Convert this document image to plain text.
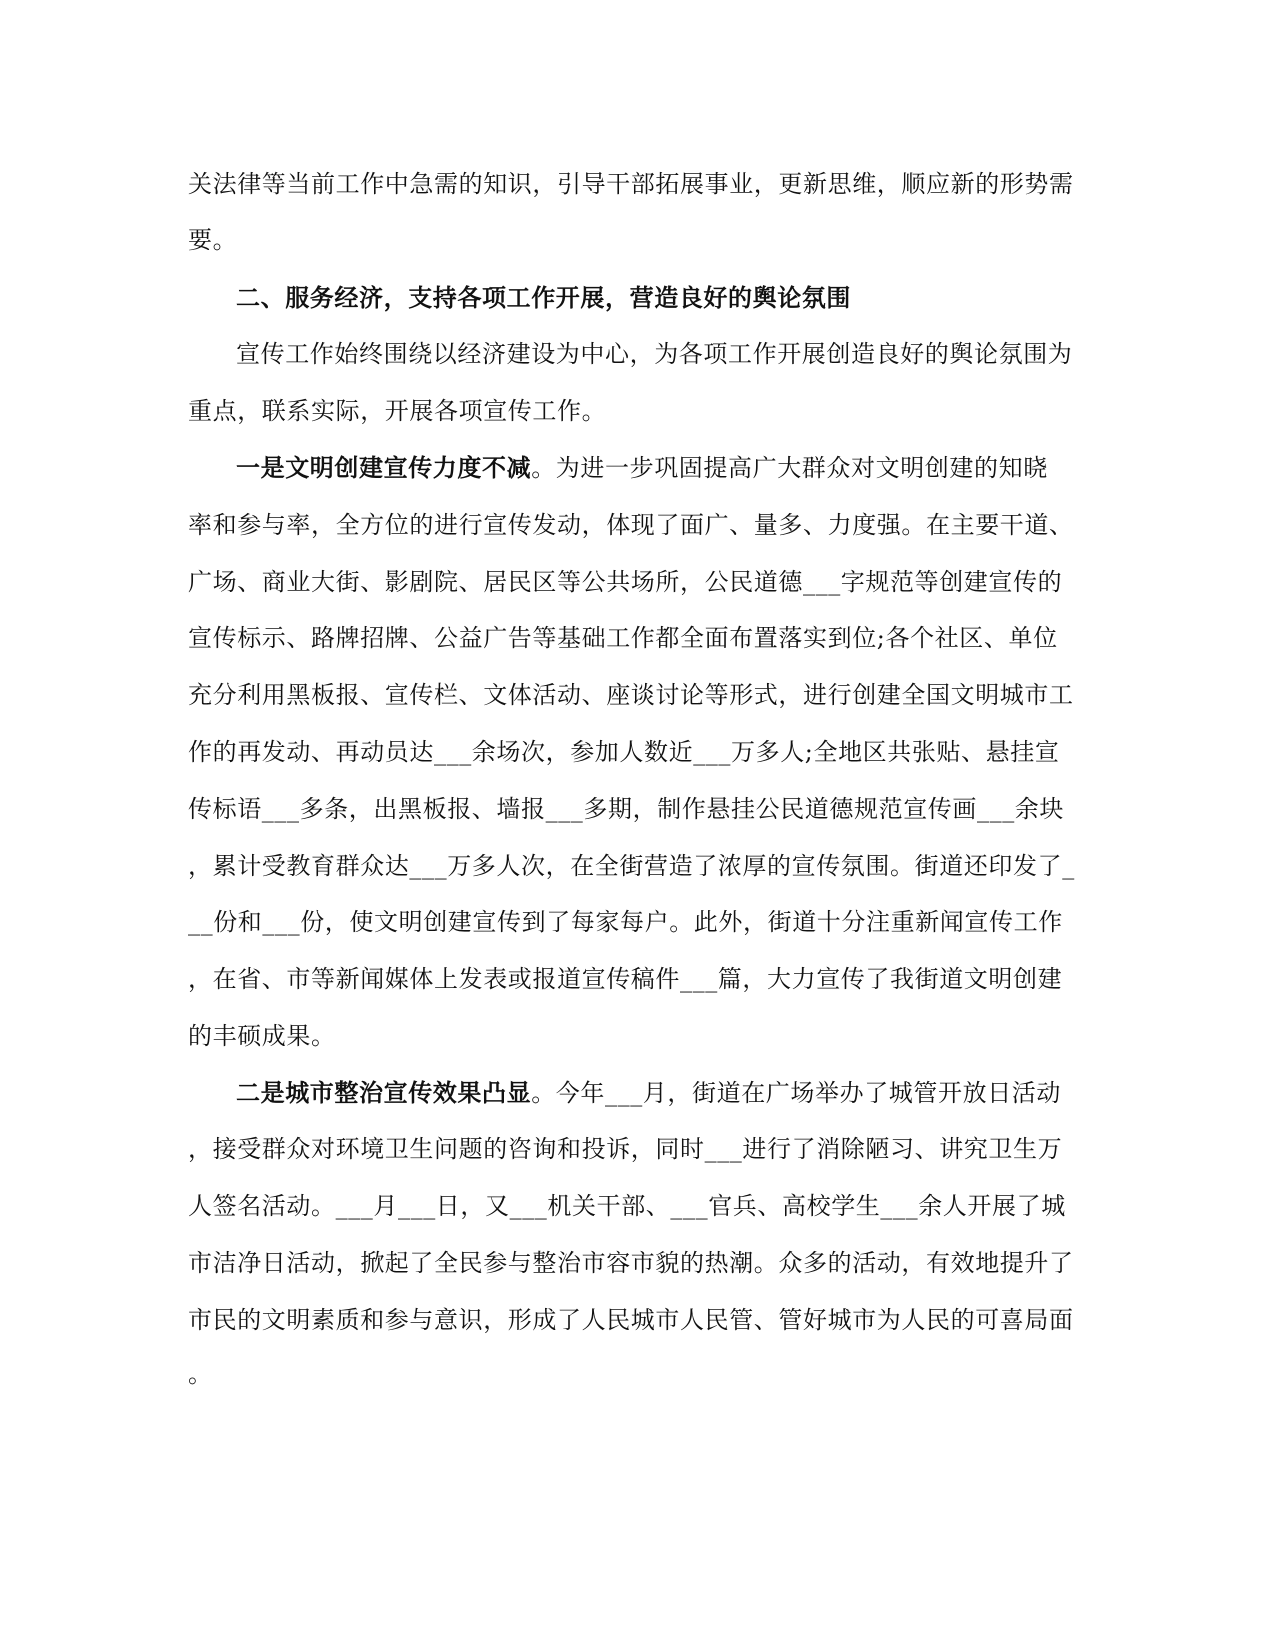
关法律等当前工作中急需的知识，引导干部拓展事业，更新思维，顺应新的形势需

要。

二、服务经济，支持各项工作开展，营造良好的舆论氛围

宣传工作始终围绕以经济建设为中心，为各项工作开展创造良好的舆论氛围为

重点，联系实际，开展各项宣传工作。

一是文明创建宣传力度不减。为进一步巩固提高广大群众对文明创建的知晓

率和参与率，全方位的进行宣传发动，体现了面广、量多、力度强。在主要干道、

广场、商业大街、影剧院、居民区等公共场所，公民道德___字规范等创建宣传的

宣传标示、路牌招牌、公益广告等基础工作都全面布置落实到位;各个社区、单位

充分利用黑板报、宣传栏、文体活动、座谈讨论等形式，进行创建全国文明城市工

作的再发动、再动员达___余场次，参加人数近___万多人;全地区共张贴、悬挂宣

传标语___多条，出黑板报、墙报___多期，制作悬挂公民道德规范宣传画___余块

，累计受教育群众达___万多人次，在全街营造了浓厚的宣传氛围。街道还印发了_

__份和___份，使文明创建宣传到了每家每户。此外，街道十分注重新闻宣传工作

，在省、市等新闻媒体上发表或报道宣传稿件___篇，大力宣传了我街道文明创建

的丰硕成果。

二是城市整治宣传效果凸显。今年___月，街道在广场举办了城管开放日活动

，接受群众对环境卫生问题的咨询和投诉，同时___进行了消除陋习、讲究卫生万

人签名活动。___月___日，又___机关干部、___官兵、高校学生___余人开展了城

市洁净日活动，掀起了全民参与整治市容市貌的热潮。众多的活动，有效地提升了

市民的文明素质和参与意识，形成了人民城市人民管、管好城市为人民的可喜局面

。
